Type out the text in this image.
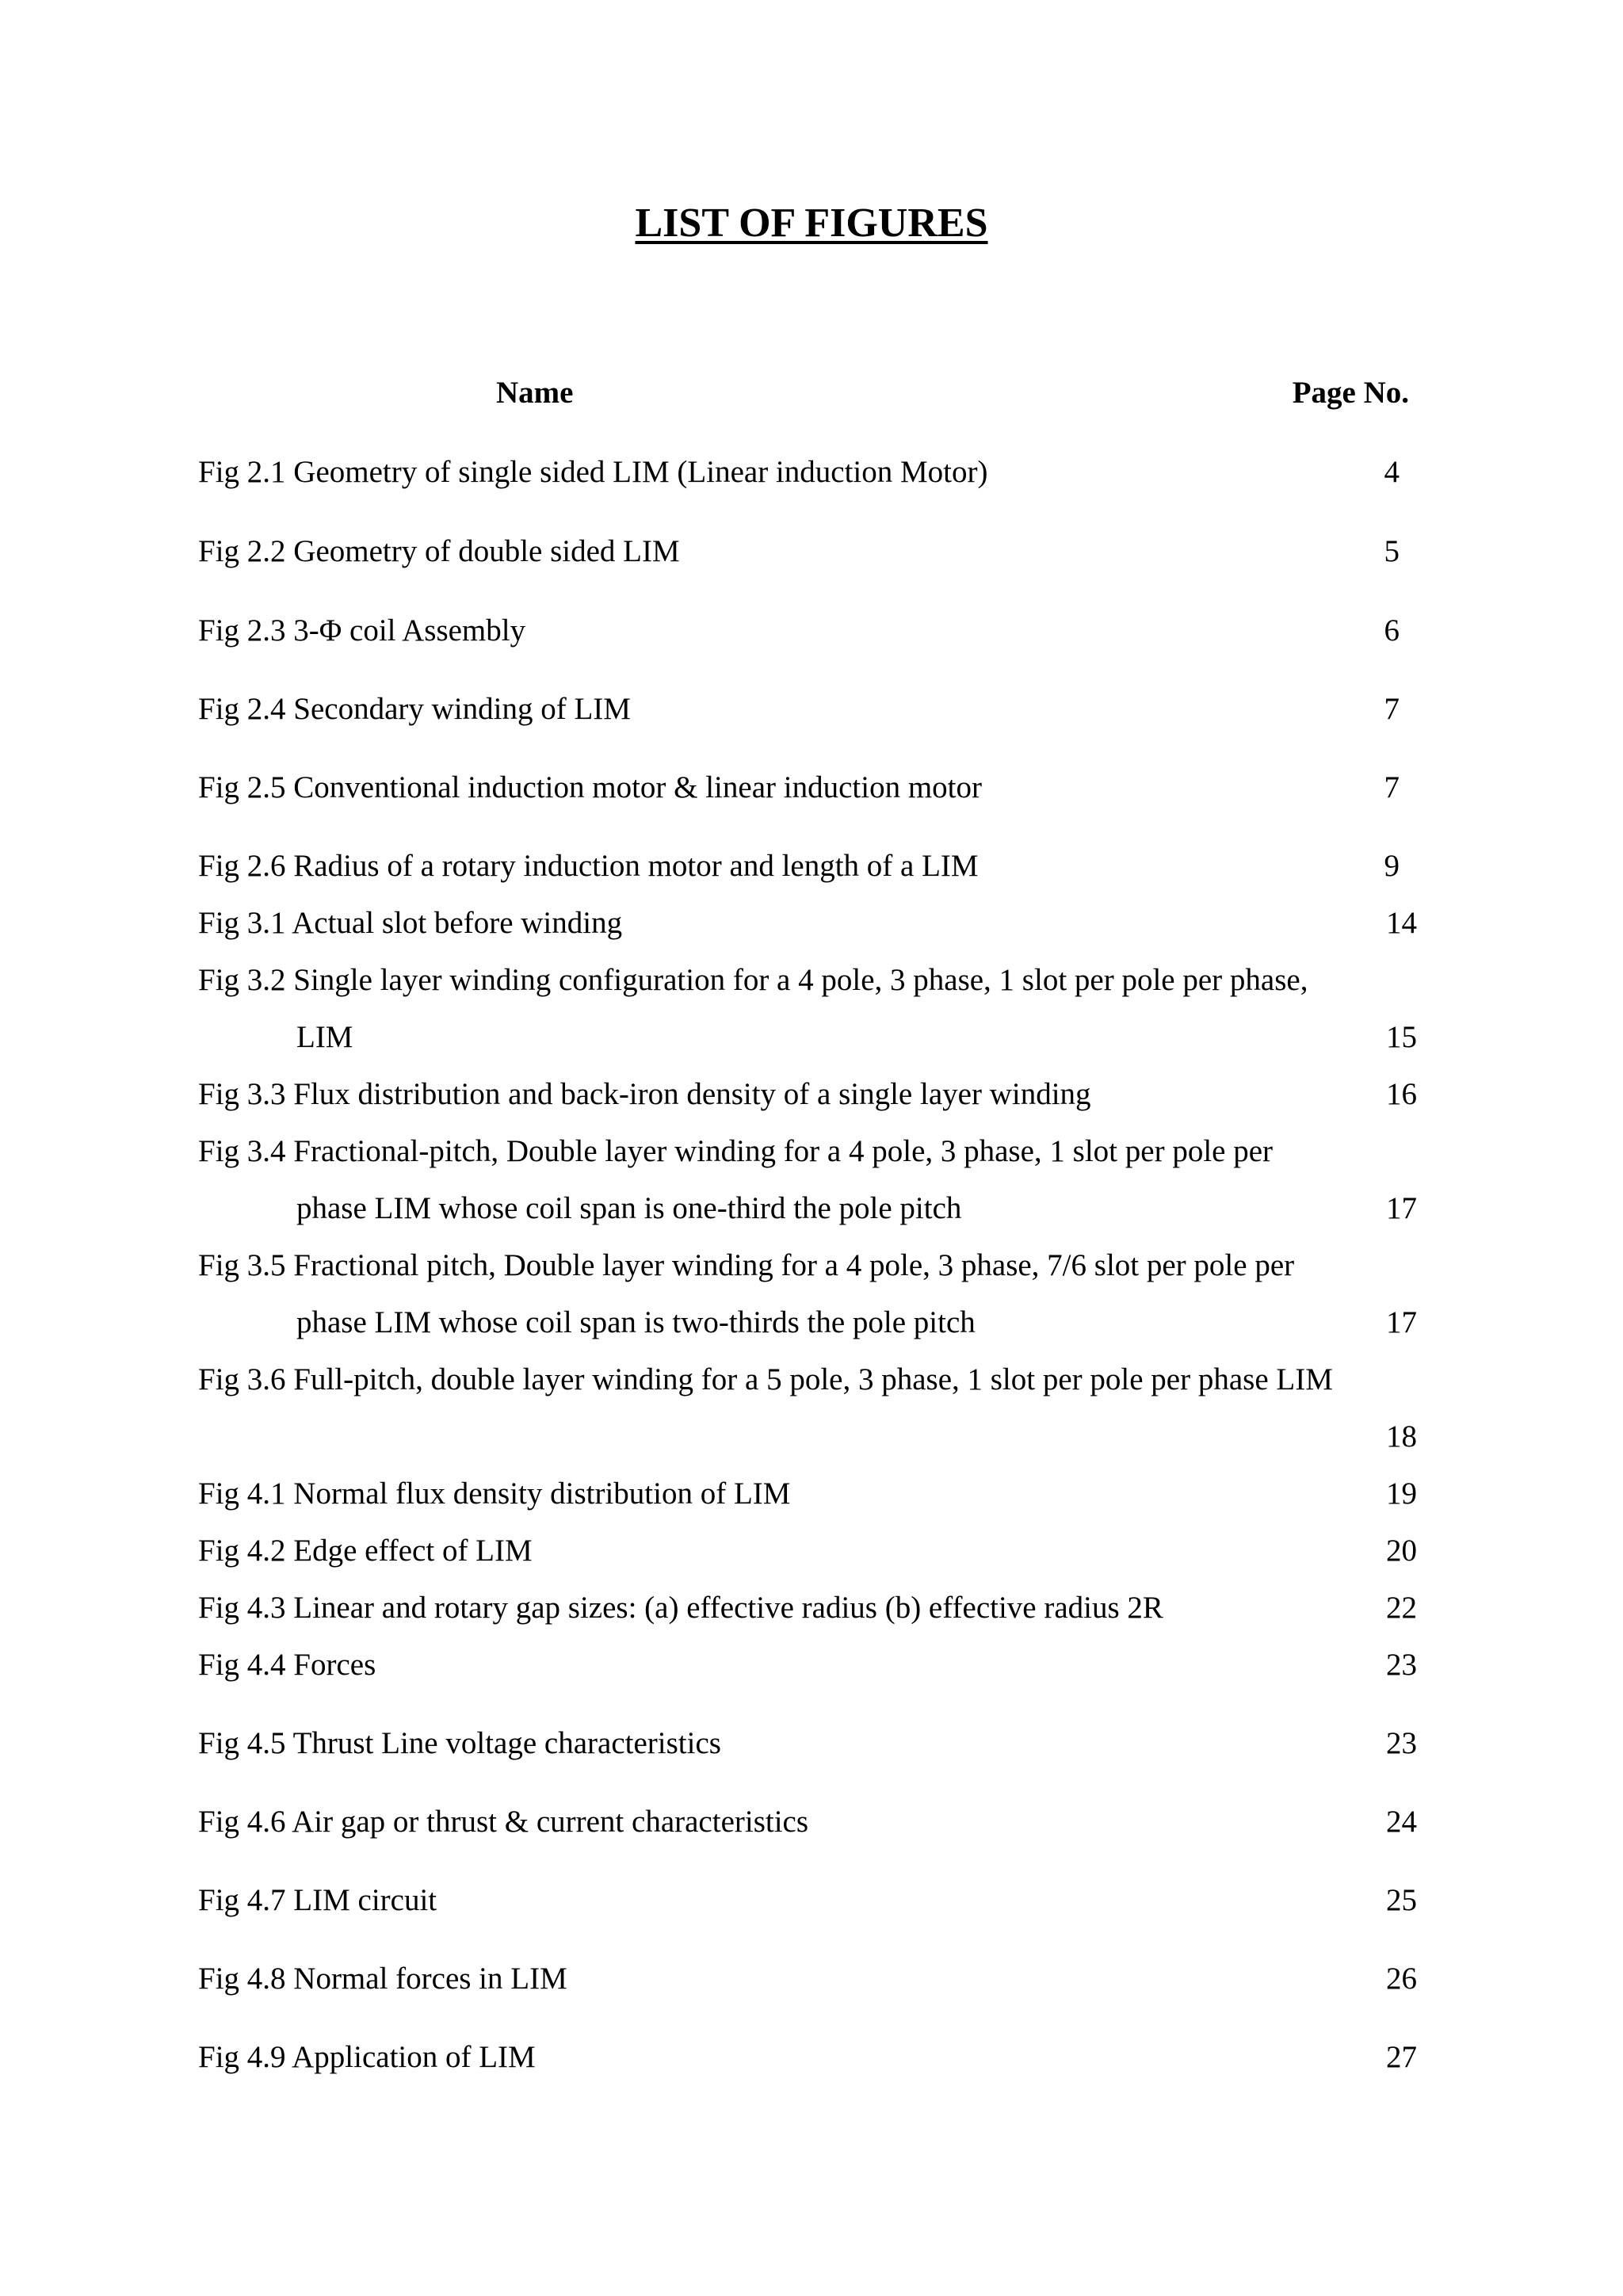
LIST OF FIGURES
Name	Page No.
Fig 2.1 Geometry of single sided LIM (Linear induction Motor)	4
Fig 2.2 Geometry of double sided LIM	5
Fig 2.3 3-Φ coil Assembly	6
Fig 2.4 Secondary winding of LIM	7
Fig 2.5 Conventional induction motor & linear induction motor	7
Fig 2.6 Radius of a rotary induction motor and length of a LIM	9
Fig 3.1 Actual slot before winding	14
Fig 3.2 Single layer winding configuration for a 4 pole, 3 phase, 1 slot per pole per phase,
LIM	15
Fig 3.3 Flux distribution and back-iron density of a single layer winding	16
Fig 3.4 Fractional-pitch, Double layer winding for a 4 pole, 3 phase, 1 slot per pole per
phase LIM whose coil span is one-third the pole pitch	17
Fig 3.5 Fractional pitch, Double layer winding for a 4 pole, 3 phase, 7/6 slot per pole per
phase LIM whose coil span is two-thirds the pole pitch	17
Fig 3.6 Full-pitch, double layer winding for a 5 pole, 3 phase, 1 slot per pole per phase LIM
18
Fig 4.1 Normal flux density distribution of LIM	19
Fig 4.2 Edge effect of LIM	20
Fig 4.3 Linear and rotary gap sizes: (a) effective radius (b) effective radius 2R	22
Fig 4.4 Forces	23
Fig 4.5 Thrust Line voltage characteristics	23
Fig 4.6 Air gap or thrust & current characteristics	24
Fig 4.7 LIM circuit	25
Fig 4.8 Normal forces in LIM	26
Fig 4.9 Application of LIM	27
